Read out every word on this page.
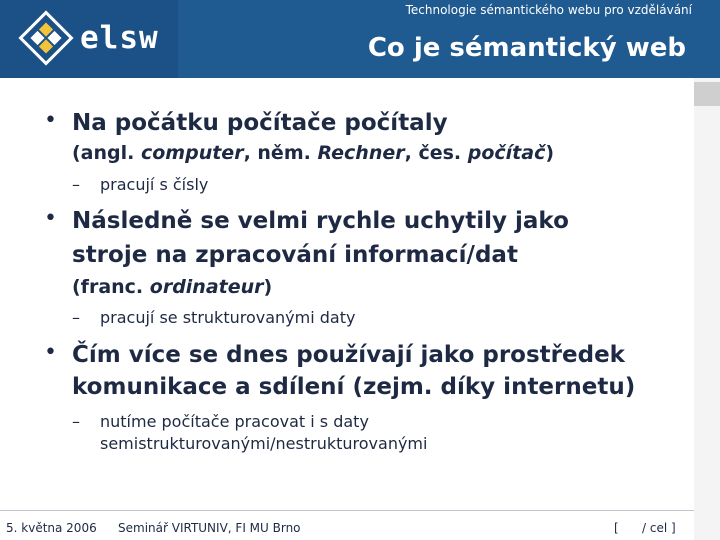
elsw
Technologie sémantického webu pro vzdělávání
Co je sémantický web
• Na počátku počítače počítaly
(angl. computer, něm. Rechner, čes. počítač)
– pracují s čísly
• Následně se velmi rychle uchytily jako
stroje na zpracování informací/dat
(franc. ordinateur)
– pracují se strukturovanými daty
• Čím více se dnes používají jako prostředek
komunikace a sdílení (zejm. díky internetu)
– nutíme počítače pracovat i s daty
semistrukturovanými/nestrukturovanými
5. května 2006 Seminář VIRTUNIV, FI MU Brno	[ / cel ]
